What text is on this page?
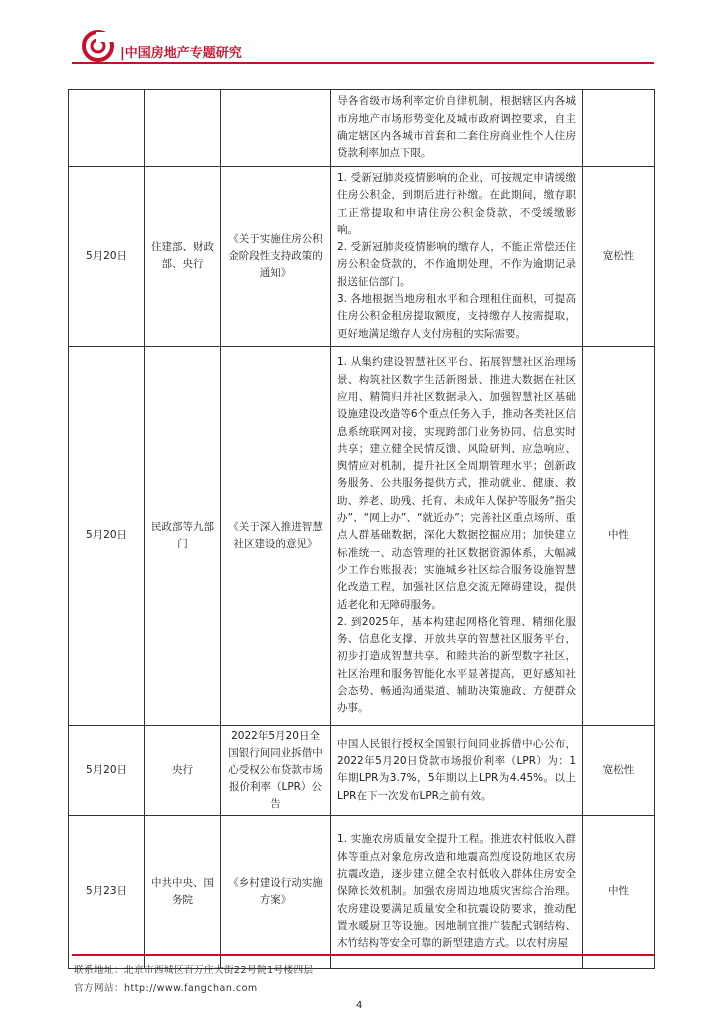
|中国房地产专题研究

			导各省级市场利率定价自律机制，根据辖区内各城市房地产市场形势变化及城市政府调控要求，自主确定辖区内各城市首套和二套住房商业性个人住房贷款利率加点下限。	

5月20日	住建部、财政部、央行	《关于实施住房公积金阶段性支持政策的通知》	1. 受新冠肺炎疫情影响的企业，可按规定申请缓缴住房公积金，到期后进行补缴。在此期间，缴存职工正常提取和申请住房公积金贷款，不受缓缴影响。

2. 受新冠肺炎疫情影响的缴存人，不能正常偿还住房公积金贷款的，不作逾期处理，不作为逾期记录报送征信部门。

3. 各地根据当地房租水平和合理租住面积，可提高住房公积金租房提取额度，支持缴存人按需提取，更好地满足缴存人支付房租的实际需要。	宽松性
5月20日	民政部等九部门	《关于深入推进智慧社区建设的意见》	1. 从集约建设智慧社区平台、拓展智慧社区治理场景、构筑社区数字生活新图景、推进大数据在社区应用、精简归并社区数据录入、加强智慧社区基础设施建设改造等6个重点任务入手，推动各类社区信息系统联网对接，实现跨部门业务协同、信息实时共享；建立健全民情反馈、风险研判、应急响应、舆情应对机制，提升社区全周期管理水平；创新政务服务、公共服务提供方式，推动就业、健康、救助、养老、助残、托育、未成年人保护等服务“指尖办”、“网上办”、“就近办”；完善社区重点场所、重点人群基础数据，深化大数据挖掘应用；加快建立标准统一、动态管理的社区数据资源体系，大幅减少工作台账报表；实施城乡社区综合服务设施智慧化改造工程，加强社区信息交流无障碍建设，提供适老化和无障碍服务。

2. 到2025年，基本构建起网格化管理、精细化服务、信息化支撑、开放共享的智慧社区服务平台，初步打造成智慧共享、和睦共治的新型数字社区，社区治理和服务智能化水平显著提高，更好感知社会态势、畅通沟通渠道、辅助决策施政、方便群众办事。	中性
5月20日	央行	2022年5月20日全国银行间同业拆借中心受权公布贷款市场报价利率（LPR）公告	中国人民银行授权全国银行间同业拆借中心公布，2022年5月20日贷款市场报价利率（LPR）为：1年期LPR为3.7%，5年期以上LPR为4.45%。以上LPR在下一次发布LPR之前有效。	宽松性
5月23日	中共中央、国务院	《乡村建设行动实施方案》	1. 实施农房质量安全提升工程。推进农村低收入群体等重点对象危房改造和地震高烈度设防地区农房抗震改造，逐步建立健全农村低收入群体住房安全保障长效机制。加强农房周边地质灾害综合治理。农房建设要满足质量安全和抗震设防要求，推动配置水暖厨卫等设施。因地制宜推广装配式钢结构、木竹结构等安全可靠的新型建造方式。以农村房屋	中性
联系地址：北京市西城区百万庄大街22号院1号楼四层
官方网站：http://www.fangchan.com
4
